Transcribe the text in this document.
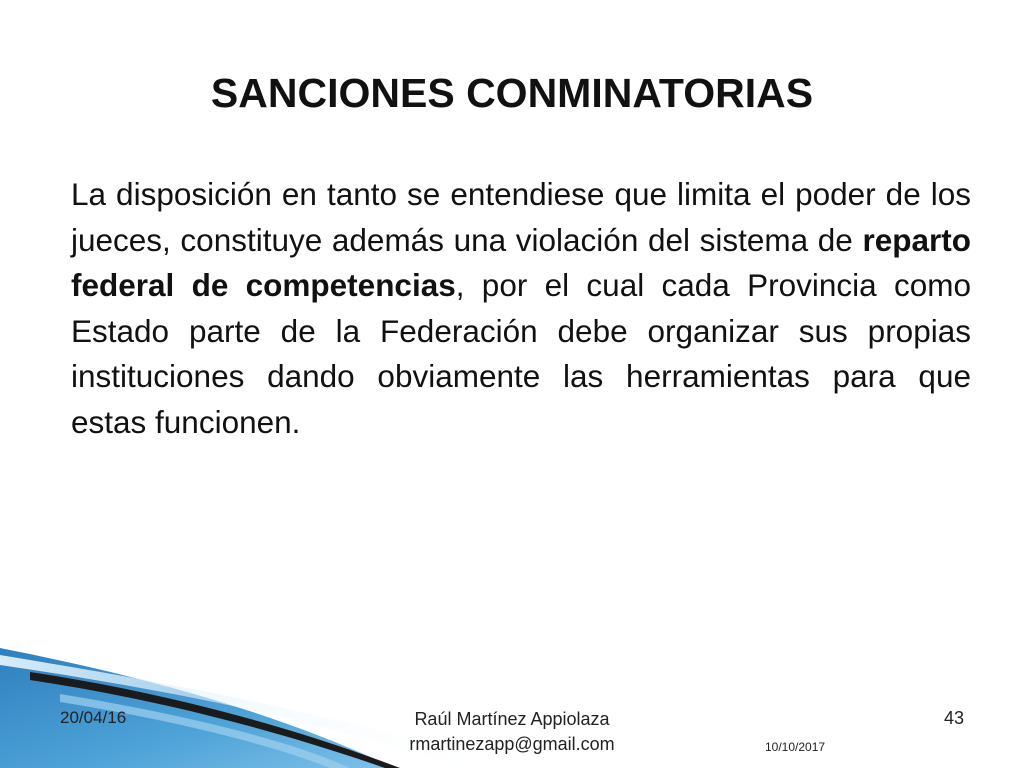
SANCIONES CONMINATORIAS
La disposición en tanto se entendiese que limita el poder de los jueces, constituye además una violación del sistema de reparto federal de competencias, por el cual cada Provincia como Estado parte de la Federación debe organizar sus propias instituciones dando obviamente las herramientas para que estas funcionen.
20/04/16	Raúl Martínez Appiolaza
rmartinezapp@gmail.com
43
10/10/2017
